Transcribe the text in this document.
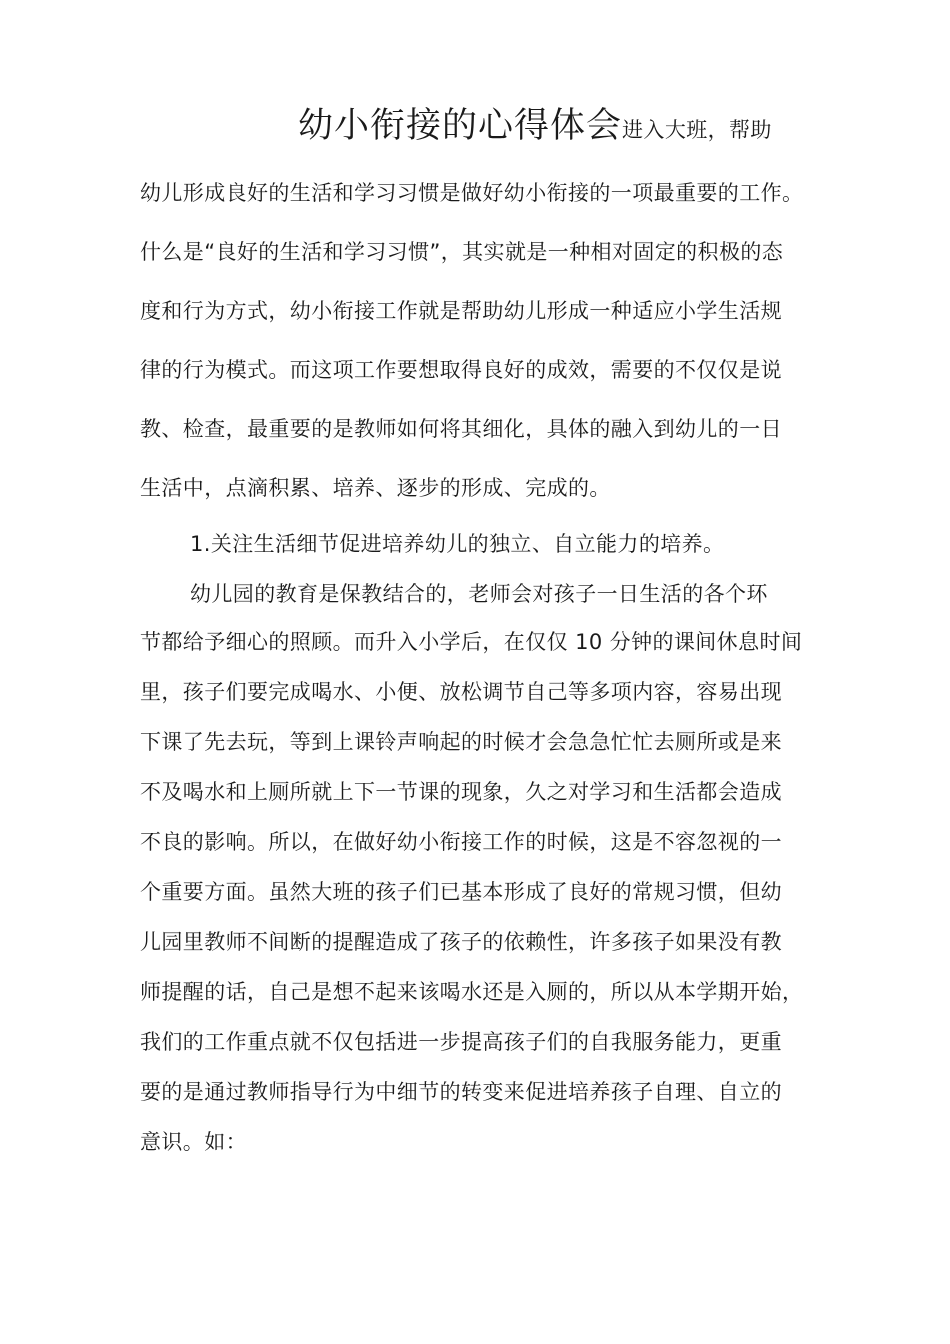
幼小衔接的心得体会进入大班，帮助
幼儿形成良好的生活和学习习惯是做好幼小衔接的一项最重要的工作。
什么是“良好的生活和学习习惯”，其实就是一种相对固定的积极的态
度和行为方式，幼小衔接工作就是帮助幼儿形成一种适应小学生活规
律的行为模式。而这项工作要想取得良好的成效，需要的不仅仅是说
教、检查，最重要的是教师如何将其细化，具体的融入到幼儿的一日
生活中，点滴积累、培养、逐步的形成、完成的。
1.关注生活细节促进培养幼儿的独立、自立能力的培养。
幼儿园的教育是保教结合的，老师会对孩子一日生活的各个环
节都给予细心的照顾。而升入小学后，在仅仅 10 分钟的课间休息时间
里，孩子们要完成喝水、小便、放松调节自己等多项内容，容易出现
下课了先去玩，等到上课铃声响起的时候才会急急忙忙去厕所或是来
不及喝水和上厕所就上下一节课的现象，久之对学习和生活都会造成
不良的影响。所以，在做好幼小衔接工作的时候，这是不容忽视的一
个重要方面。虽然大班的孩子们已基本形成了良好的常规习惯，但幼
儿园里教师不间断的提醒造成了孩子的依赖性，许多孩子如果没有教
师提醒的话，自己是想不起来该喝水还是入厕的，所以从本学期开始，
我们的工作重点就不仅包括进一步提高孩子们的自我服务能力，更重
要的是通过教师指导行为中细节的转变来促进培养孩子自理、自立的
意识。如：
